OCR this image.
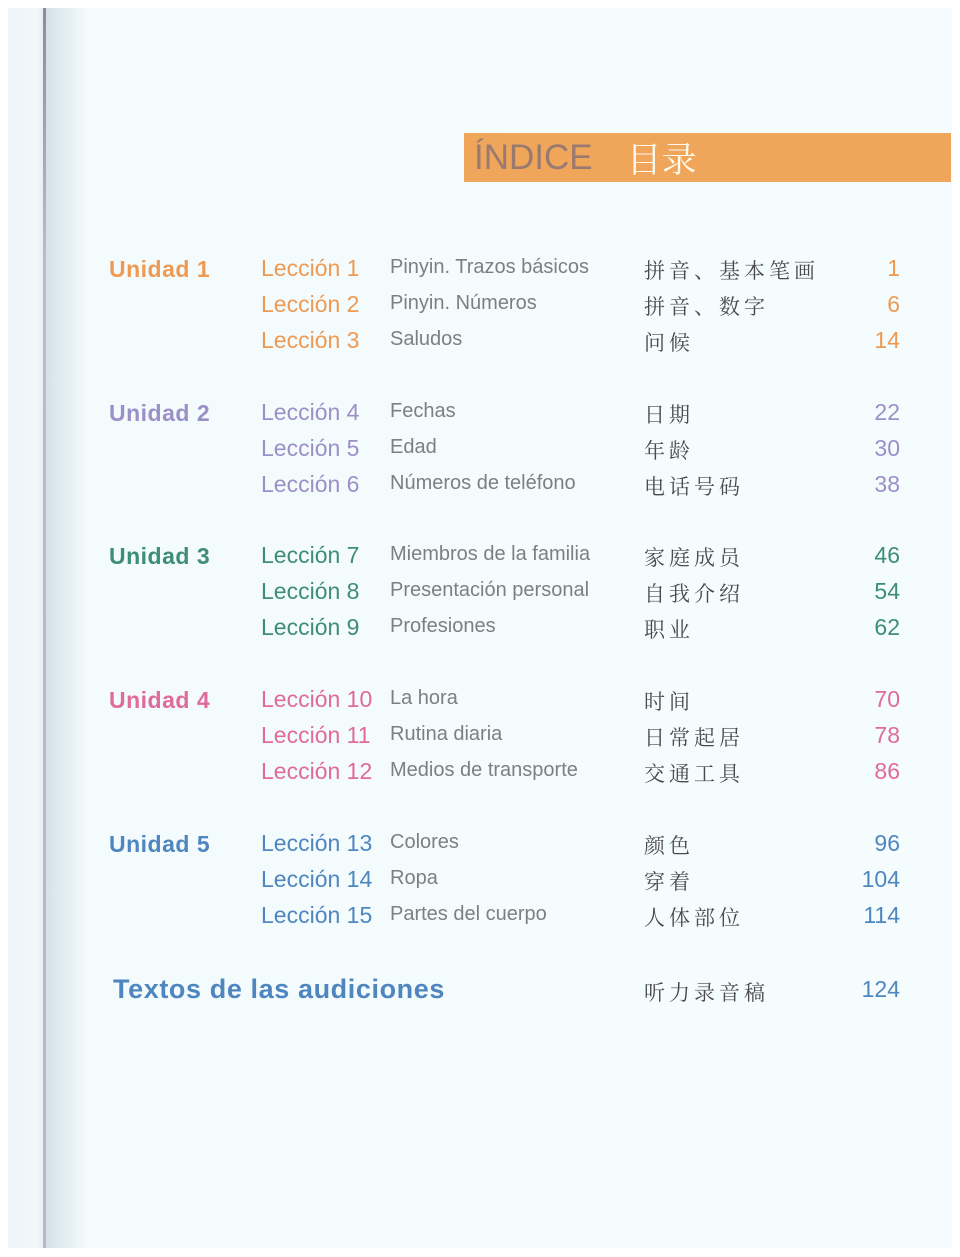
ÍNDICE 目录
Unidad 1 Lección 1 Pinyin. Trazos básicos	拼音、基本笔画	1
Lección 2 Pinyin. Números	拼音、数字	6
Lección 3 Saludos	问候	14
Unidad 2 Lección 4 Fechas	日期	22
Lección 5 Edad	年龄	30
Lección 6 Números de teléfono	电话号码	38
Unidad 3 Lección 7 Miembros de la familia	家庭成员	46
Lección 8 Presentación personal	自我介绍	54
Lección 9 Profesiones	职业	62
Unidad 4 Lección 10 La hora	时间	70
Lección 11 Rutina diaria	日常起居	78
Lección 12 Medios de transporte	交通工具	86
Unidad 5 Lección 13 Colores	颜色	96
Lección 14 Ropa	穿着	104
Lección 15 Partes del cuerpo	人体部位	114
Textos de las audiciones	听力录音稿	124
